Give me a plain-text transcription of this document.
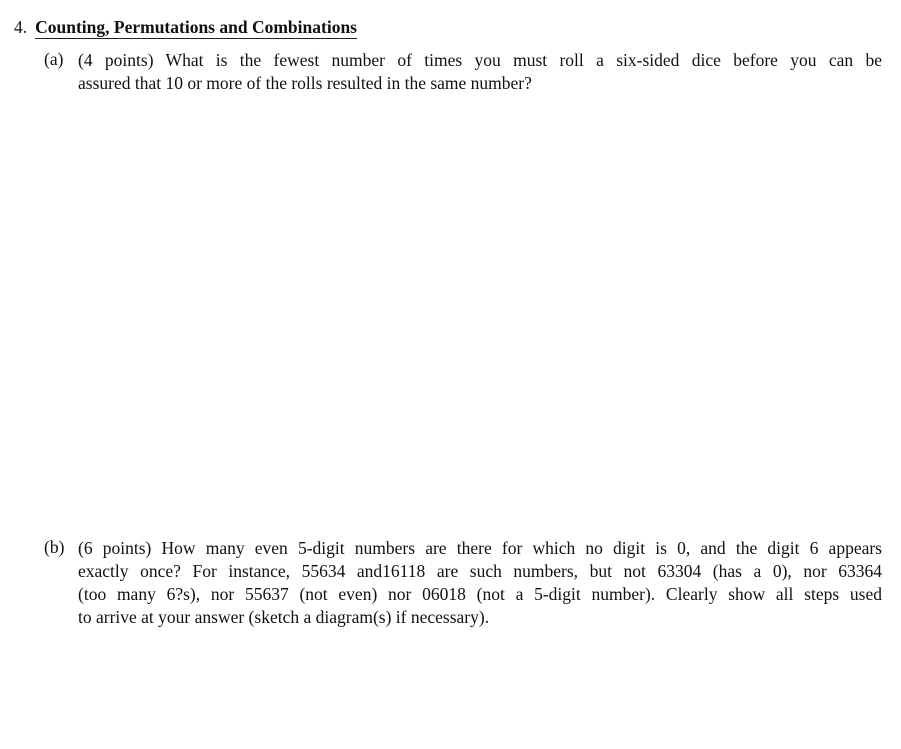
4. Counting, Permutations and Combinations
(a) (4 points) What is the fewest number of times you must roll a six-sided dice before you can be
assured that 10 or more of the rolls resulted in the same number?
(b) (6 points) How many even 5-digit numbers are there for which no digit is 0, and the digit 6 appears
exactly once? For instance, 55634 and16118 are such numbers, but not 63304 (has a 0), nor 63364
(too many 6?s), nor 55637 (not even) nor 06018 (not a 5-digit number). Clearly show all steps used
to arrive at your answer (sketch a diagram(s) if necessary).
